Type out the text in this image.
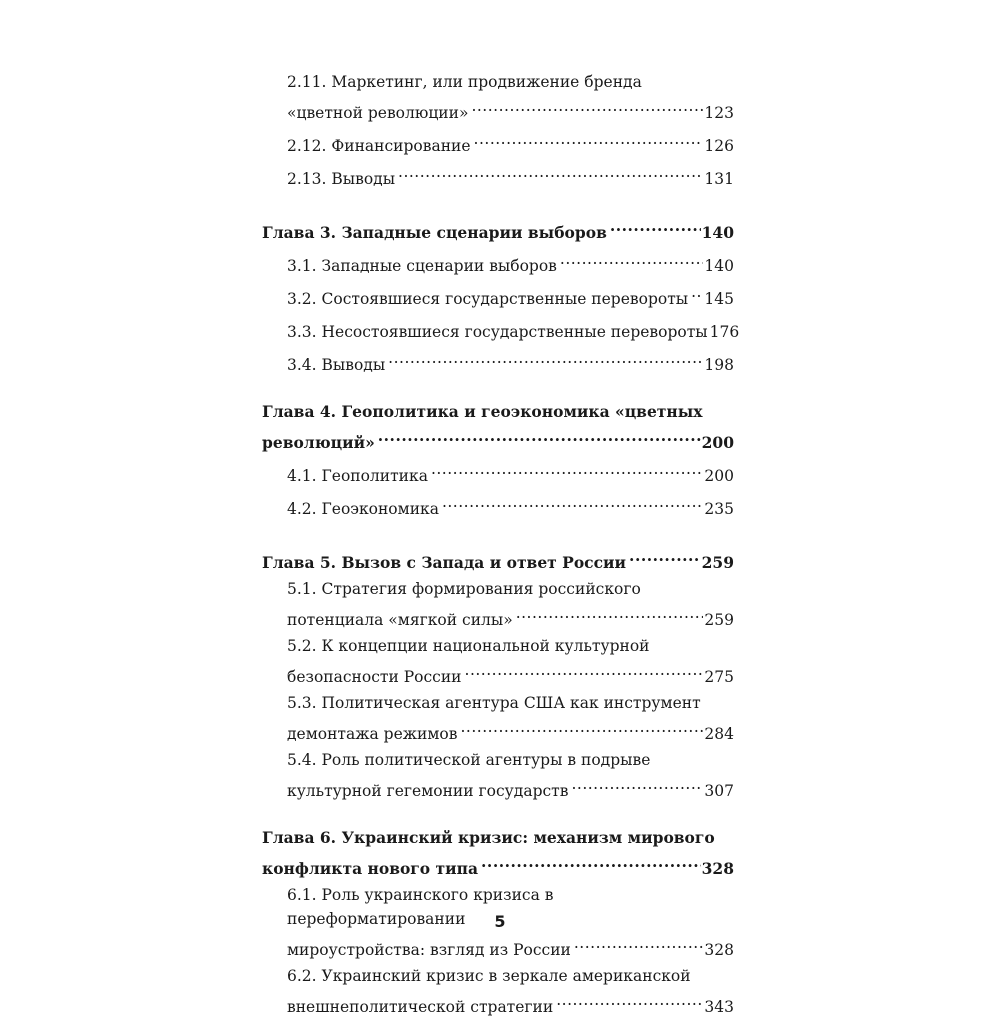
2.11. Маркетинг, или продвижение бренда
«цветной революции» .....	123
2.12. Финансирование .....	126
2.13. Выводы .....	131
Глава 3. Западные сценарии выборов .....	140
3.1. Западные сценарии выборов .....	140
3.2. Состоявшиеся государственные перевороты ..... 145
3.3. Несостоявшиеся государственные перевороты 176
3.4. Выводы .....	198
Глава 4. Геополитика и геоэкономика «цветных
революций» .....	200
4.1. Геополитика .....	200
4.2. Геоэкономика .....	235
Глава 5. Вызов с Запада и ответ России .....	259
5.1. Стратегия формирования российского
потенциала «мягкой силы» .....	259
5.2. К концепции национальной культурной
безопасности России .....	275
5.3. Политическая агентура США как инструмент
демонтажа режимов .....	284
5.4. Роль политической агентуры в подрыве
культурной гегемонии государств .....	307
Глава 6. Украинский кризис: механизм мирового
конфликта нового типа .....	328
6.1. Роль украинского кризиса в переформатировании
мироустройства: взгляд из России .....	328
6.2. Украинский кризис в зеркале американской
внешнеполитической стратегии .....	343
5
